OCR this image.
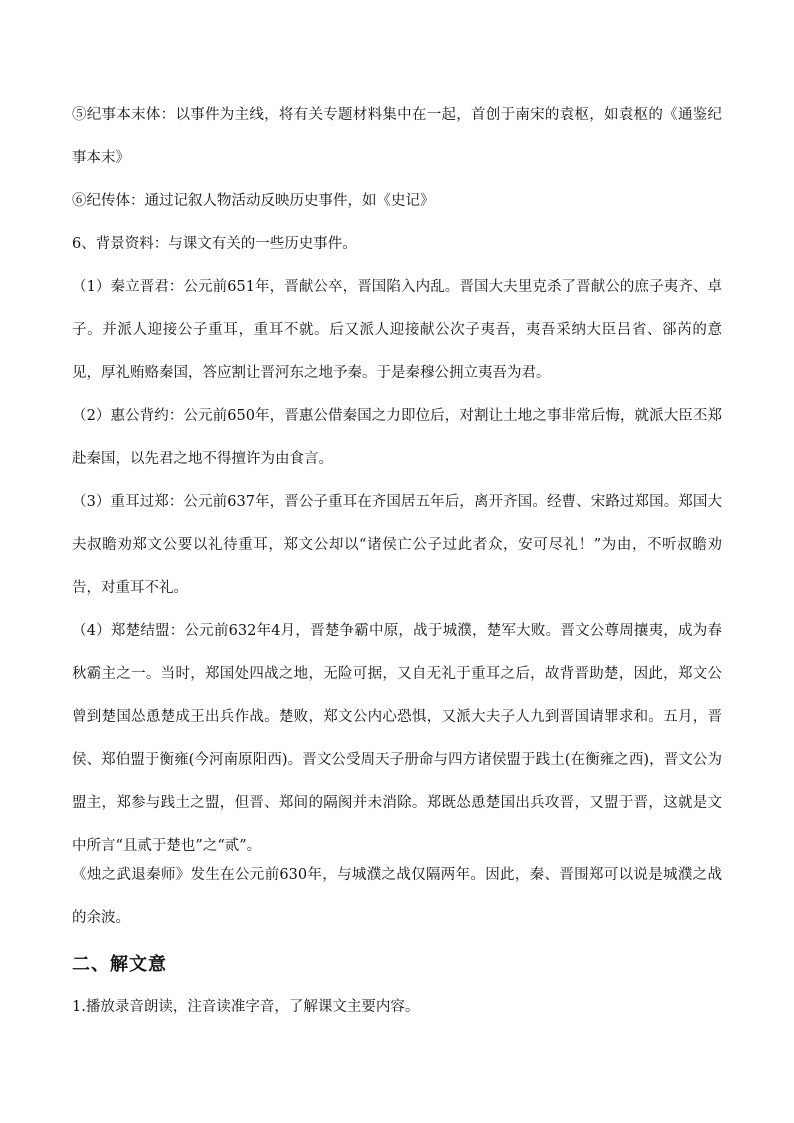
⑤纪事本末体：以事件为主线，将有关专题材料集中在一起，首创于南宋的袁枢，如袁枢的《通鉴纪事本末》

⑥纪传体：通过记叙人物活动反映历史事件，如《史记》

6、背景资料：与课文有关的一些历史事件。

（1）秦立晋君：公元前651年，晋献公卒，晋国陷入内乱。晋国大夫里克杀了晋献公的庶子夷齐、卓子。并派人迎接公子重耳，重耳不就。后又派人迎接献公次子夷吾，夷吾采纳大臣吕省、郤芮的意见，厚礼贿赂秦国，答应割让晋河东之地予秦。于是秦穆公拥立夷吾为君。

（2）惠公背约：公元前650年，晋惠公借秦国之力即位后，对割让土地之事非常后悔，就派大臣丕郑赴秦国，以先君之地不得擅许为由食言。

（3）重耳过郑：公元前637年，晋公子重耳在齐国居五年后，离开齐国。经曹、宋路过郑国。郑国大夫叔瞻劝郑文公要以礼待重耳，郑文公却以“诸侯亡公子过此者众，安可尽礼！”为由，不听叔瞻劝告，对重耳不礼。

（4）郑楚结盟：公元前632年4月，晋楚争霸中原，战于城濮，楚军大败。晋文公尊周攘夷，成为春秋霸主之一。当时，郑国处四战之地，无险可据，又自无礼于重耳之后，故背晋助楚，因此，郑文公曾到楚国怂恿楚成王出兵作战。楚败，郑文公内心恐惧，又派大夫子人九到晋国请罪求和。五月，晋侯、郑伯盟于衡雍(今河南原阳西)。晋文公受周天子册命与四方诸侯盟于践土(在衡雍之西)，晋文公为盟主，郑参与践土之盟，但晋、郑间的隔阂并未消除。郑既怂恿楚国出兵攻晋，又盟于晋，这就是文中所言“且贰于楚也”之“贰”。

《烛之武退秦师》发生在公元前630年，与城濮之战仅隔两年。因此，秦、晋围郑可以说是城濮之战的余波。

二、解文意

1.播放录音朗读，注音读准字音，了解课文主要内容。
